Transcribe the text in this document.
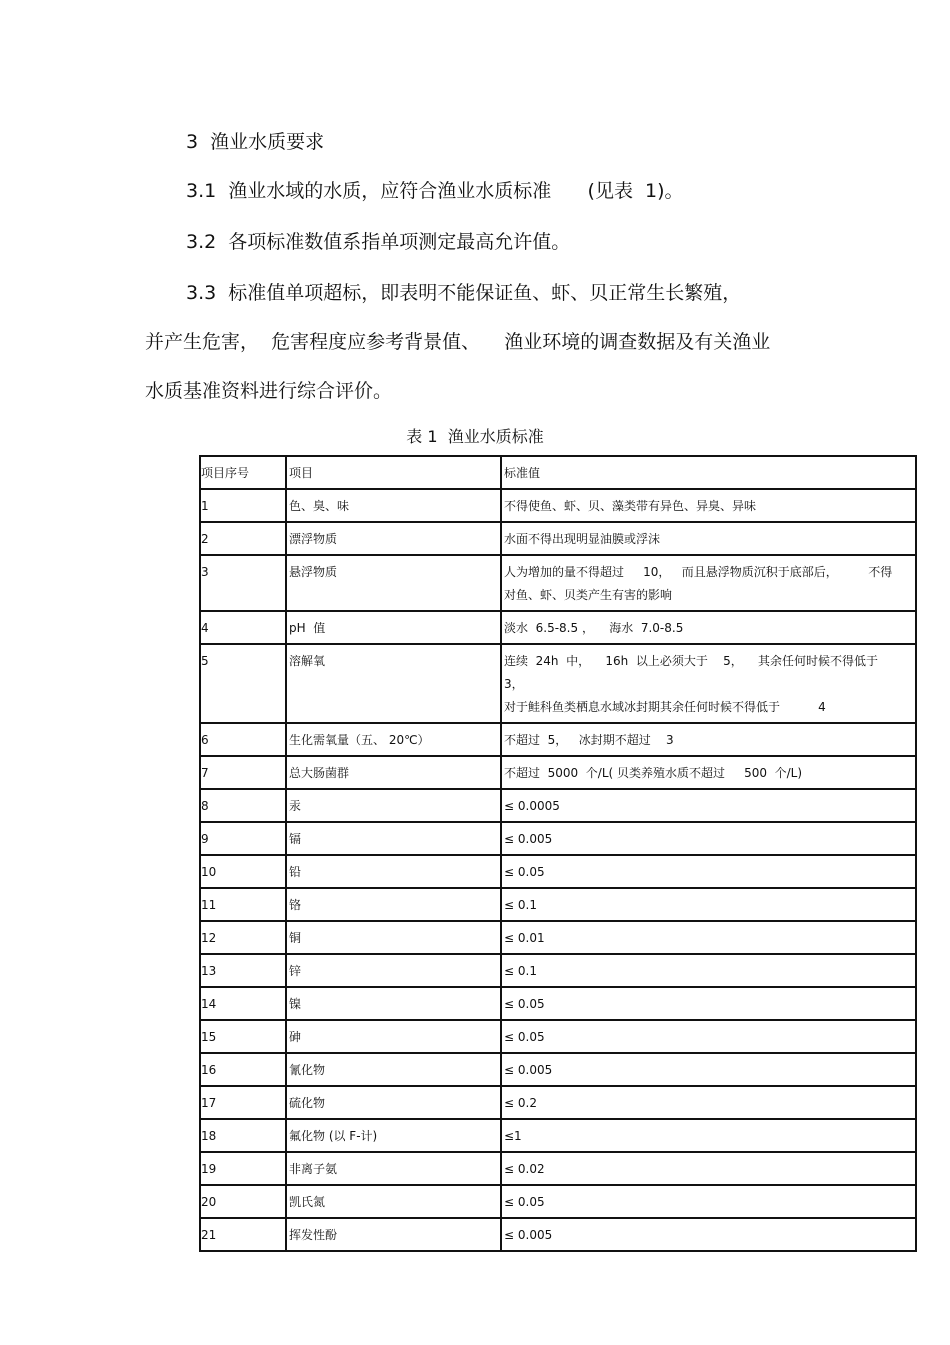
3  渔业水质要求
3.1  渔业水域的水质，应符合渔业水质标准      (见表  1)。
3.2  各项标准数值系指单项测定最高允许值。
3.3  标准值单项超标，即表明不能保证鱼、虾、贝正常生长繁殖，
并产生危害，  危害程度应参考背景值、    渔业环境的调查数据及有关渔业
水质基准资料进行综合评价。
表 1  渔业水质标准
项目序号	项目	标准值
1	色、臭、味	不得使鱼、虾、贝、藻类带有异色、异臭、异味
2	漂浮物质	水面不得出现明显油膜或浮沫
3	悬浮物质	人为增加的量不得超过     10，   而且悬浮物质沉积于底部后，        不得
对鱼、虾、贝类产生有害的影响
4	pH  值	淡水  6.5-8.5 ，    海水  7.0-8.5
5	溶解氧	连续  24h  中，    16h  以上必须大于    5，    其余任何时候不得低于     3，
对于鲑科鱼类栖息水域冰封期其余任何时候不得低于          4
6	生化需氧量（五、 20℃）	不超过  5，   冰封期不超过    3
7	总大肠菌群	不超过  5000  个/L( 贝类养殖水质不超过     500  个/L)
8	汞	≤ 0.0005
9	镉	≤ 0.005
10	铅	≤ 0.05
11	铬	≤ 0.1
12	铜	≤ 0.01
13	锌	≤ 0.1
14	镍	≤ 0.05
15	砷	≤ 0.05
16	氰化物	≤ 0.005
17	硫化物	≤ 0.2
18	氟化物 (以 F-计)	≤1
19	非离子氨	≤ 0.02
20	凯氏氮	≤ 0.05
21	挥发性酚	≤ 0.005
